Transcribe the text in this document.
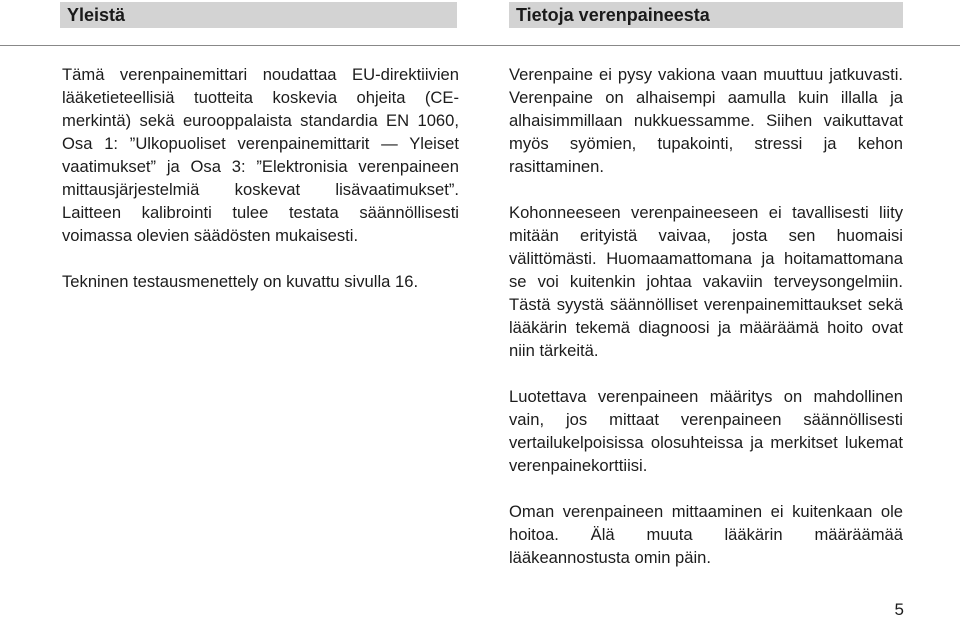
Yleistä	Tietoja verenpaineesta

Tämä verenpainemittari noudattaa EU-direktiivien lääketieteellisiä tuotteita koskevia ohjeita (CE-merkintä) sekä eurooppalaista standardia EN 1060, Osa 1: ”Ulkopuoliset verenpainemittarit — Yleiset vaatimukset” ja Osa 3: ”Elektronisia verenpaineen mittausjärjestelmiä koskevat lisävaatimukset”. Laitteen kalibrointi tulee testata säännöllisesti voimassa olevien säädösten mukaisesti.

Tekninen testausmenettely on kuvattu sivulla 16.

Verenpaine ei pysy vakiona vaan muuttuu jatkuvasti. Verenpaine on alhaisempi aamulla kuin illalla ja alhaisimmillaan nukkuessamme. Siihen vaikuttavat myös syömien, tupakointi, stressi ja kehon rasittaminen.

Kohonneeseen verenpaineeseen ei tavallisesti liity mitään erityistä vaivaa, josta sen huomaisi välittömästi. Huomaamattomana ja hoitamattomana se voi kuitenkin johtaa vakaviin terveysongelmiin. Tästä syystä säännölliset verenpainemittaukset sekä lääkärin tekemä diagnoosi ja määräämä hoito ovat niin tärkeitä.

Luotettava verenpaineen määritys on mahdollinen vain, jos mittaat verenpaineen säännöllisesti vertailukelpoisissa olosuhteissa ja merkitset lukemat verenpainekorttiisi.

Oman verenpaineen mittaaminen ei kuitenkaan ole hoitoa. Älä muuta lääkärin määräämää lääkeannostusta omin päin.

5
